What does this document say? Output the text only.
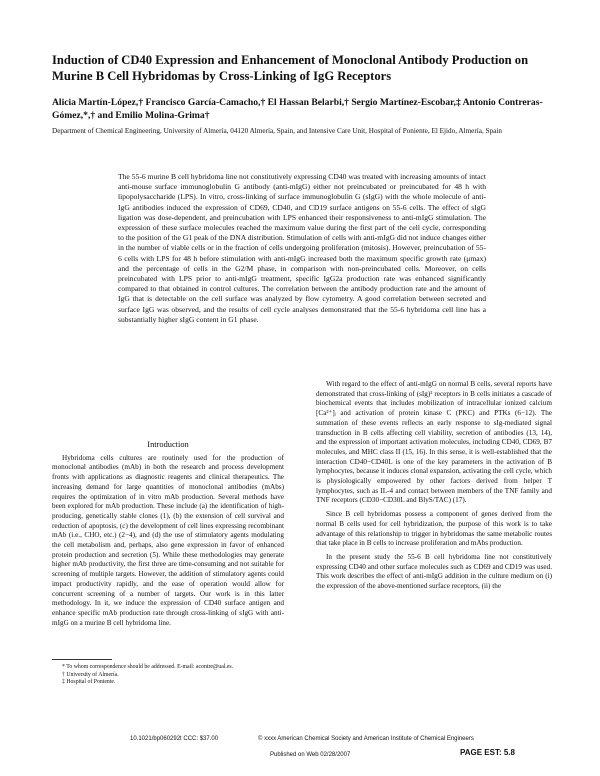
Induction of CD40 Expression and Enhancement of Monoclonal Antibody Production on Murine B Cell Hybridomas by Cross-Linking of IgG Receptors
Alicia Martín-López,† Francisco García-Camacho,† El Hassan Belarbi,† Sergio Martínez-Escobar,‡ Antonio Contreras-Gómez,*,† and Emilio Molina-Grima†
Department of Chemical Engineering, University of Almería, 04120 Almería, Spain, and Intensive Care Unit, Hospital of Poniente, El Ejido, Almería, Spain
The 55-6 murine B cell hybridoma line not constitutively expressing CD40 was treated with increasing amounts of intact anti-mouse surface immunoglobulin G antibody (anti-mIgG) either not preincubated or preincubated for 48 h with lipopolysaccharide (LPS). In vitro, cross-linking of surface immunoglobulin G (sIgG) with the whole molecule of anti-IgG antibodies induced the expression of CD69, CD40, and CD19 surface antigens on 55-6 cells. The effect of sIgG ligation was dose-dependent, and preincubation with LPS enhanced their responsiveness to anti-mIgG stimulation. The expression of these surface molecules reached the maximum value during the first part of the cell cycle, corresponding to the position of the G1 peak of the DNA distribution. Stimulation of cells with anti-mIgG did not induce changes either in the number of viable cells or in the fraction of cells undergoing proliferation (mitosis). However, preincubation of 55-6 cells with LPS for 48 h before stimulation with anti-mIgG increased both the maximum specific growth rate (μmax) and the percentage of cells in the G2/M phase, in comparison with non-preincubated cells. Moreover, on cells preincubated with LPS prior to anti-mIgG treatment, specific IgG2a production rate was enhanced significantly compared to that obtained in control cultures. The correlation between the antibody production rate and the amount of IgG that is detectable on the cell surface was analyzed by flow cytometry. A good correlation between secreted and surface IgG was observed, and the results of cell cycle analyses demonstrated that the 55-6 hybridoma cell line has a substantially higher sIgG content in G1 phase.

Introduction

Hybridoma cells cultures are routinely used for the production of monoclonal antibodies (mAb) in both the research and process development fronts with applications as diagnostic reagents and clinical therapeutics. The increasing demand for large quantities of monoclonal antibodies (mAbs) requires the optimization of in vitro mAb production. Several methods have been explored for mAb production. These include (a) the identification of high-producing, genetically stable clones (1), (b) the extension of cell survival and reduction of apoptosis, (c) the development of cell lines expressing recombinant mAb (i.e., CHO, etc.) (2−4), and (d) the use of stimulatory agents modulating the cell metabolism and, perhaps, also gene expression in favor of enhanced protein production and secretion (5). While these methodologies may generate higher mAb productivity, the first three are time-consuming and not suitable for screening of multiple targets. However, the addition of stimulatory agents could impact productivity rapidly, and the ease of operation would allow for concurrent screening of a number of targets. Our work is in this latter methodology. In it, we induce the expression of CD40 surface antigen and enhance specific mAb production rate through cross-linking of sIgG with anti-mIgG on a murine B cell hybridoma line.

With regard to the effect of anti-mIgG on normal B cells, several reports have demonstrated that cross-linking of (sIg)² receptors in B cells initiates a cascade of biochemical events that includes mobilization of intracellular ionized calcium [Ca²⁺]ᵢ and activation of protein kinase C (PKC) and PTKs (6−12). The summation of these events reflects an early response to sIg-mediated signal transduction in B cells affecting cell viability, secretion of antibodies (13, 14), and the expression of important activation molecules, including CD40, CD69, B7 molecules, and MHC class II (15, 16). In this sense, it is well-established that the interaction CD40−CD40L is one of the key parameters in the activation of B lymphocytes, because it induces clonal expansion, activating the cell cycle, which is physiologically empowered by other factors derived from helper T lymphocytes, such as IL-4 and contact between members of the TNF family and TNF receptors (CD30−CD30L and BlyS/TAC) (17).

Since B cell hybridomas possess a component of genes derived from the normal B cells used for cell hybridization, the purpose of this work is to take advantage of this relationship to trigger in hybridomas the same metabolic routes that take place in B cells to increase proliferation and mAbs production.

In the present study the 55-6 B cell hybridoma line not constitutively expressing CD40 and other surface molecules such as CD69 and CD19 was used. This work describes the effect of anti-mIgG addition in the culture medium on (i) the expression of the above-mentioned surface receptors, (ii) the

* To whom correspondence should be addressed. E-mail: acontre@ual.es.
† University of Almería.
‡ Hospital of Poniente.
10.1021/bp060292t CCC: $37.00	© xxxx American Chemical Society and American Institute of Chemical Engineers
Published on Web 02/28/2007	PAGE EST: 5.8
